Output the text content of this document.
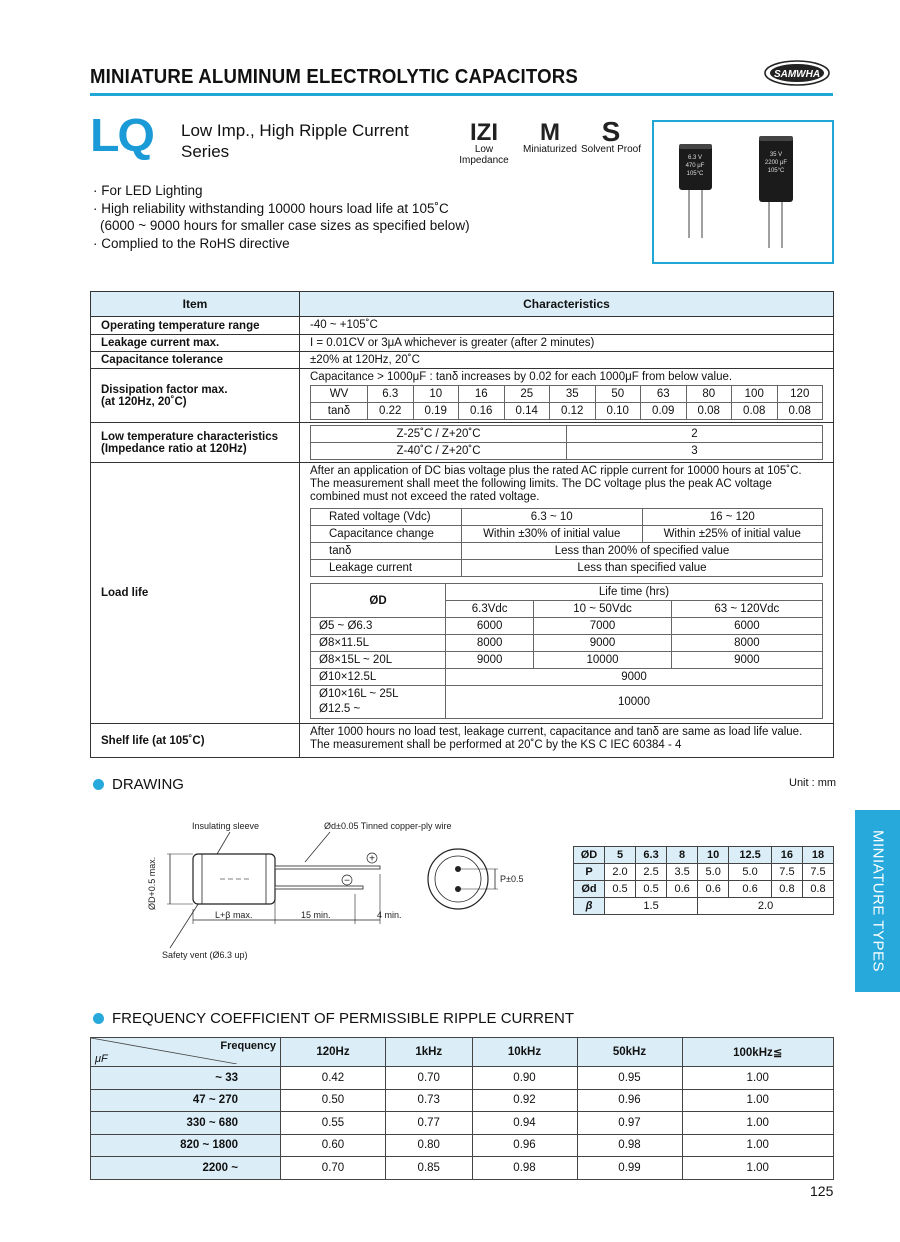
MINIATURE ALUMINUM ELECTROLYTIC CAPACITORS	SAMWHA
LQ Low Imp., High Ripple Current
Series
IZI
Low Impedance
M
Miniaturized
S
Solvent Proof
6.3 V
470 μF
105°C
35 V
2200 μF
105°C
· For LED Lighting
· High reliability withstanding 10000 hours load life at 105˚C
(6000 ~ 9000 hours for smaller case sizes as specified below)
· Complied to the RoHS directive
Item	Characteristics
Operating temperature range	-40 ~ +105˚C
Leakage current max.	I = 0.01CV or 3μA whichever is greater (after 2 minutes)
Capacitance tolerance	±20% at 120Hz, 20˚C

Dissipation factor max.
(at 120Hz, 20˚C)

Capacitance > 1000μF : tanδ increases by 0.02 for each 1000μF from below value.
WV	6.3	10	16	25	35	50	63	80	100	120
tanδ	0.22	0.19	0.16	0.14	0.12	0.10	0.09	0.08	0.08	0.08

Low temperature characteristics
(Impedance ratio at 120Hz)

Z-25˚C / Z+20˚C	2
Z-40˚C / Z+20˚C	3

Load life	
After an application of DC bias voltage plus the rated AC ripple current for 10000 hours at 105˚C.
The measurement shall meet the following limits. The DC voltage plus the peak AC voltage
combined must not exceed the rated voltage.
Rated voltage (Vdc)	6.3 ~ 10	16 ~ 120
Capacitance change	Within ±30% of initial value	Within ±25% of initial value
tanδ	Less than 200% of specified value
Leakage current	Less than specified value
ØD	Life time (hrs)
6.3Vdc	10 ~ 50Vdc	63 ~ 120Vdc
Ø5 ~ Ø6.3	6000	7000	6000
Ø8×11.5L	8000	9000	8000
Ø8×15L ~ 20L	9000	10000	9000
Ø10×12.5L	9000

Ø10×16L ~ 25L
Ø12.5 ~
	10000

Shelf life (at 105˚C)	
After 1000 hours no load test, leakage current, capacitance and tanδ are same as load life value.
The measurement shall be performed at 20˚C by the KS C IEC 60384 - 4
MINIATURE TYPES
DRAWING	Unit : mm
Insulating sleeve	Ød±0.05 Tinned copper-ply wire
Safety vent (Ø6.3 up)
L+β max.	15 min.	4 min.
ØD+0.5 max.	+
−	P±0.5
ØD	5	6.3	8	10	12.5	16	18
P	2.0	2.5	3.5	5.0	5.0	7.5	7.5
Ød	0.5	0.5	0.6	0.6	0.6	0.8	0.8
β	1.5			2.0			
FREQUENCY COEFFICIENT OF PERMISSIBLE RIPPLE CURRENT
Frequency
μF	120Hz	1kHz	10kHz	50kHz	100kHz≦
~ 33	0.42	0.70	0.90	0.95	1.00
47 ~ 270	0.50	0.73	0.92	0.96	1.00
330 ~ 680	0.55	0.77	0.94	0.97	1.00
820 ~ 1800	0.60	0.80	0.96	0.98	1.00
2200 ~	0.70	0.85	0.98	0.99	1.00
125
